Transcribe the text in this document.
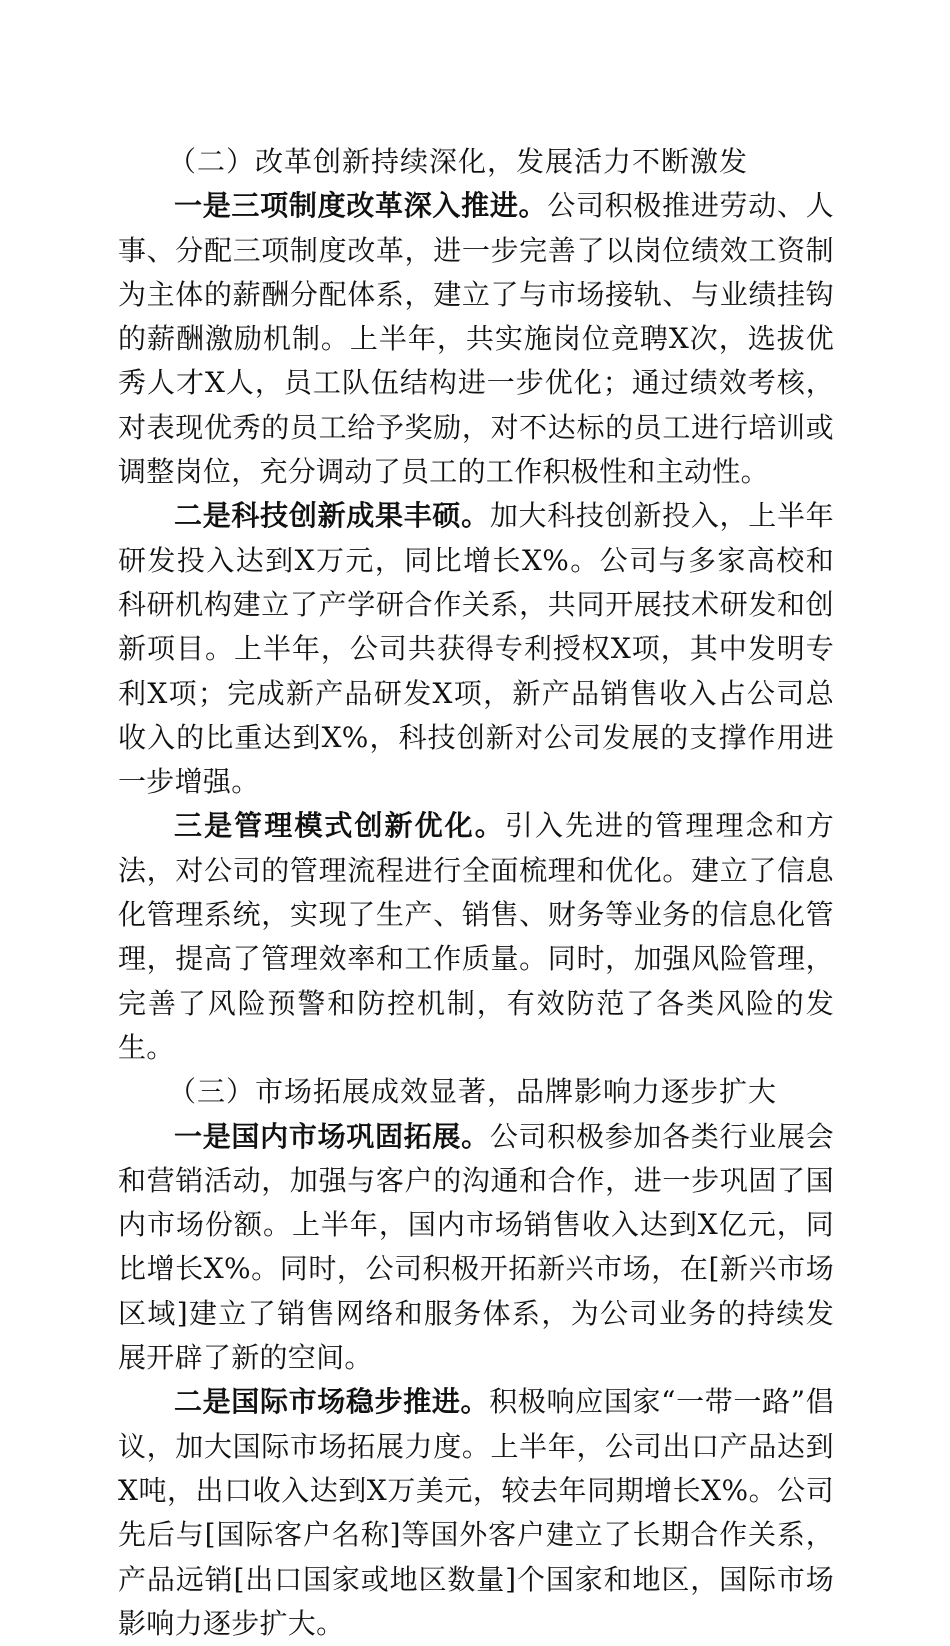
（二）改革创新持续深化，发展活力不断激发

一是三项制度改革深入推进。公司积极推进劳动、人事、分配三项制度改革，进一步完善了以岗位绩效工资制为主体的薪酬分配体系，建立了与市场接轨、与业绩挂钩的薪酬激励机制。上半年，共实施岗位竞聘X次，选拔优秀人才X人，员工队伍结构进一步优化；通过绩效考核，对表现优秀的员工给予奖励，对不达标的员工进行培训或调整岗位，充分调动了员工的工作积极性和主动性。

二是科技创新成果丰硕。加大科技创新投入，上半年研发投入达到X万元，同比增长X%。公司与多家高校和科研机构建立了产学研合作关系，共同开展技术研发和创新项目。上半年，公司共获得专利授权X项，其中发明专利X项；完成新产品研发X项，新产品销售收入占公司总收入的比重达到X%，科技创新对公司发展的支撑作用进一步增强。

三是管理模式创新优化。引入先进的管理理念和方法，对公司的管理流程进行全面梳理和优化。建立了信息化管理系统，实现了生产、销售、财务等业务的信息化管理，提高了管理效率和工作质量。同时，加强风险管理，完善了风险预警和防控机制，有效防范了各类风险的发生。

（三）市场拓展成效显著，品牌影响力逐步扩大

一是国内市场巩固拓展。公司积极参加各类行业展会和营销活动，加强与客户的沟通和合作，进一步巩固了国内市场份额。上半年，国内市场销售收入达到X亿元，同比增长X%。同时，公司积极开拓新兴市场，在[新兴市场区域]建立了销售网络和服务体系，为公司业务的持续发展开辟了新的空间。

二是国际市场稳步推进。积极响应国家“一带一路”倡议，加大国际市场拓展力度。上半年，公司出口产品达到X吨，出口收入达到X万美元，较去年同期增长X%。公司先后与[国际客户名称]等国外客户建立了长期合作关系，产品远销[出口国家或地区数量]个国家和地区，国际市场影响力逐步扩大。
